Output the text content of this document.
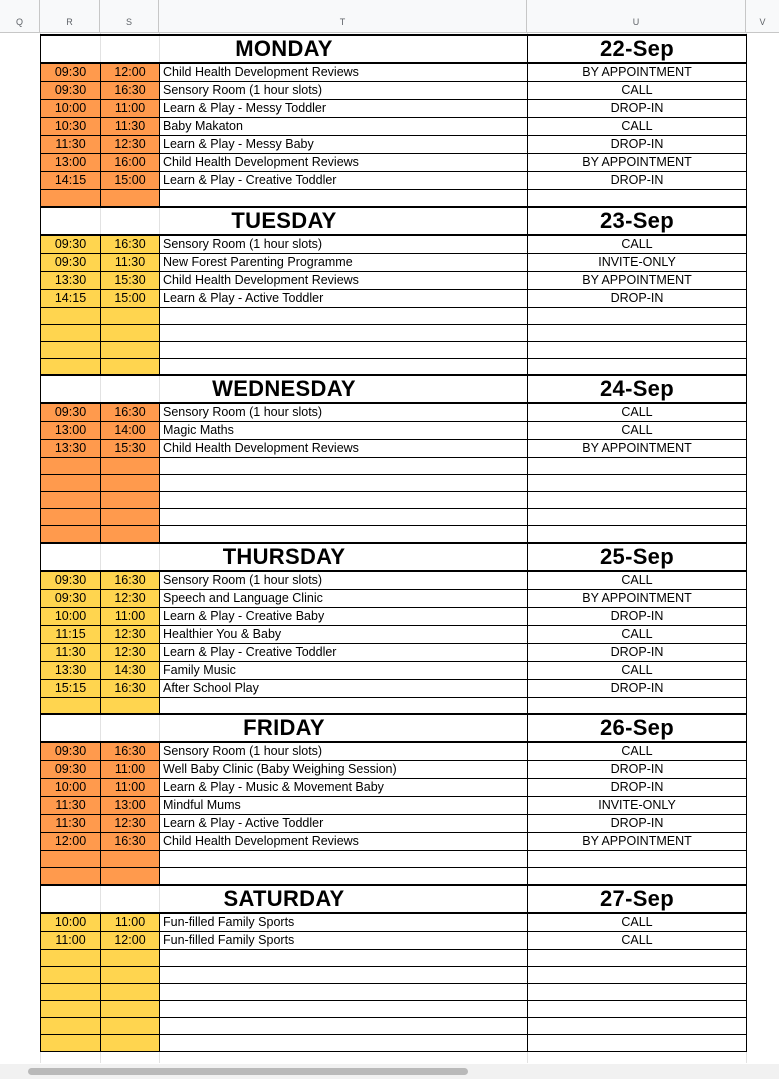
Q	R	S	T	U	V
MONDAY			22-Sep
09:30	12:00	Child Health Development Reviews	BY APPOINTMENT
09:30	16:30	Sensory Room (1 hour slots)	CALL
10:00	11:00	Learn & Play - Messy Toddler	DROP-IN
10:30	11:30	Baby Makaton	CALL
11:30	12:30	Learn & Play - Messy Baby	DROP-IN
13:00	16:00	Child Health Development Reviews	BY APPOINTMENT
14:15	15:00	Learn & Play - Creative Toddler	DROP-IN

TUESDAY			23-Sep
09:30	16:30	Sensory Room (1 hour slots)	CALL
09:30	11:30	New Forest Parenting Programme	INVITE-ONLY
13:30	15:30	Child Health Development Reviews	BY APPOINTMENT
14:15	15:00	Learn & Play - Active Toddler	DROP-IN

WEDNESDAY			24-Sep
09:30	16:30	Sensory Room (1 hour slots)	CALL
13:00	14:00	Magic Maths	CALL
13:30	15:30	Child Health Development Reviews	BY APPOINTMENT

THURSDAY			25-Sep
09:30	16:30	Sensory Room (1 hour slots)	CALL
09:30	12:30	Speech and Language Clinic	BY APPOINTMENT
10:00	11:00	Learn & Play - Creative Baby	DROP-IN
11:15	12:30	Healthier You & Baby	CALL
11:30	12:30	Learn & Play - Creative Toddler	DROP-IN
13:30	14:30	Family Music	CALL
15:15	16:30	After School Play	DROP-IN

FRIDAY			26-Sep
09:30	16:30	Sensory Room (1 hour slots)	CALL
09:30	11:00	Well Baby Clinic (Baby Weighing Session)	DROP-IN
10:00	11:00	Learn & Play - Music & Movement Baby	DROP-IN
11:30	13:00	Mindful Mums	INVITE-ONLY
11:30	12:30	Learn & Play - Active Toddler	DROP-IN
12:00	16:30	Child Health Development Reviews	BY APPOINTMENT

SATURDAY			27-Sep
10:00	11:00	Fun-filled Family Sports	CALL
11:00	12:00	Fun-filled Family Sports	CALL
